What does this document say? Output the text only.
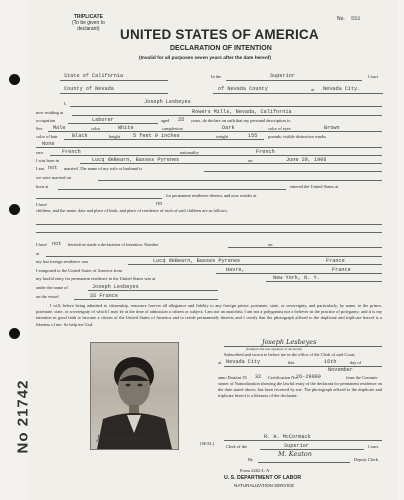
TRIPLICATE
(To be given to
declarant)
No. 552
UNITED STATES OF AMERICA
DECLARATION OF INTENTION
(Invalid for all purposes seven years after the date hereof)
State of California	In the	Superior	Court
County of Nevada	of Nevada County	at Nevada City.
I,	Joseph Lesbeyes
now residing at	Rowers Mills, Nevada, California
occupation	Laborer	aged 25 years, do declare on oath that my personal description is:
Sex Male	color	White	complexion	Dark	color of eyes	Brown
color of hair	Black	height	5 feet 9 inches	weight	155 pounds; visible distinctive marks
None
race	French	nationality	French
I was born in	Lucq deBearn, Basses Pyrenes	on	June 20, 1906
I am not married. The name of my wife or husband is
we were married on
born at	entered the United States at
for permanent residence therein, and now resides at
I have	no
children, and the name, date and place of birth, and place of residence of each of said children are as follows:
I have not heretofore made a declaration of intention: Number	on
at
my last foreign residence was	Lucq deBearn, Basses Pyrenes	France
I emigrated to the United States of America from	Havre,	France
my lawful entry for permanent residence in the United States was at	New York, N. Y.
under the name of	Joseph Lesbeyes
on the vessel	SS France
I will, before being admitted to citizenship, renounce forever all allegiance and fidelity to any foreign prince, potentate, state, or sovereignty, and particularly, by name, to the prince, potentate, state, or sovereignty of which I may be at the time of admission a citizen or subject; I am not an anarchist; I am not a polygamist nor a believer in the practice of polygamy; and it is my intention in good faith to become a citizen of the United States of America and to reside permanently therein; and I certify that the photograph affixed to the duplicate and triplicate hereof is a likeness of me: So help me God.
Joseph Lesbeyes
(Original and true signature of declarant)
Subscribed and sworn to before me in the office of the Clerk of said Court,
at Nevada City	this	16th	day of
November
anno Domini 19 32 Certification No.
26-29999	from the Commis-
sioner of Naturalization showing the lawful entry of the declarant for permanent residence on the date stated above, has been received by me. The photograph affixed to the duplicate and triplicate hereof is a likeness of the declarant.
[SEAL]
R. H. McCormack
Clerk of the	Superior	Court.
By
M. Keaton
Deputy Clerk.
Form 2202-L-A
U. S. DEPARTMENT OF LABOR
NATURALIZATION SERVICE
Joseph Lesbeyes
No 21742
